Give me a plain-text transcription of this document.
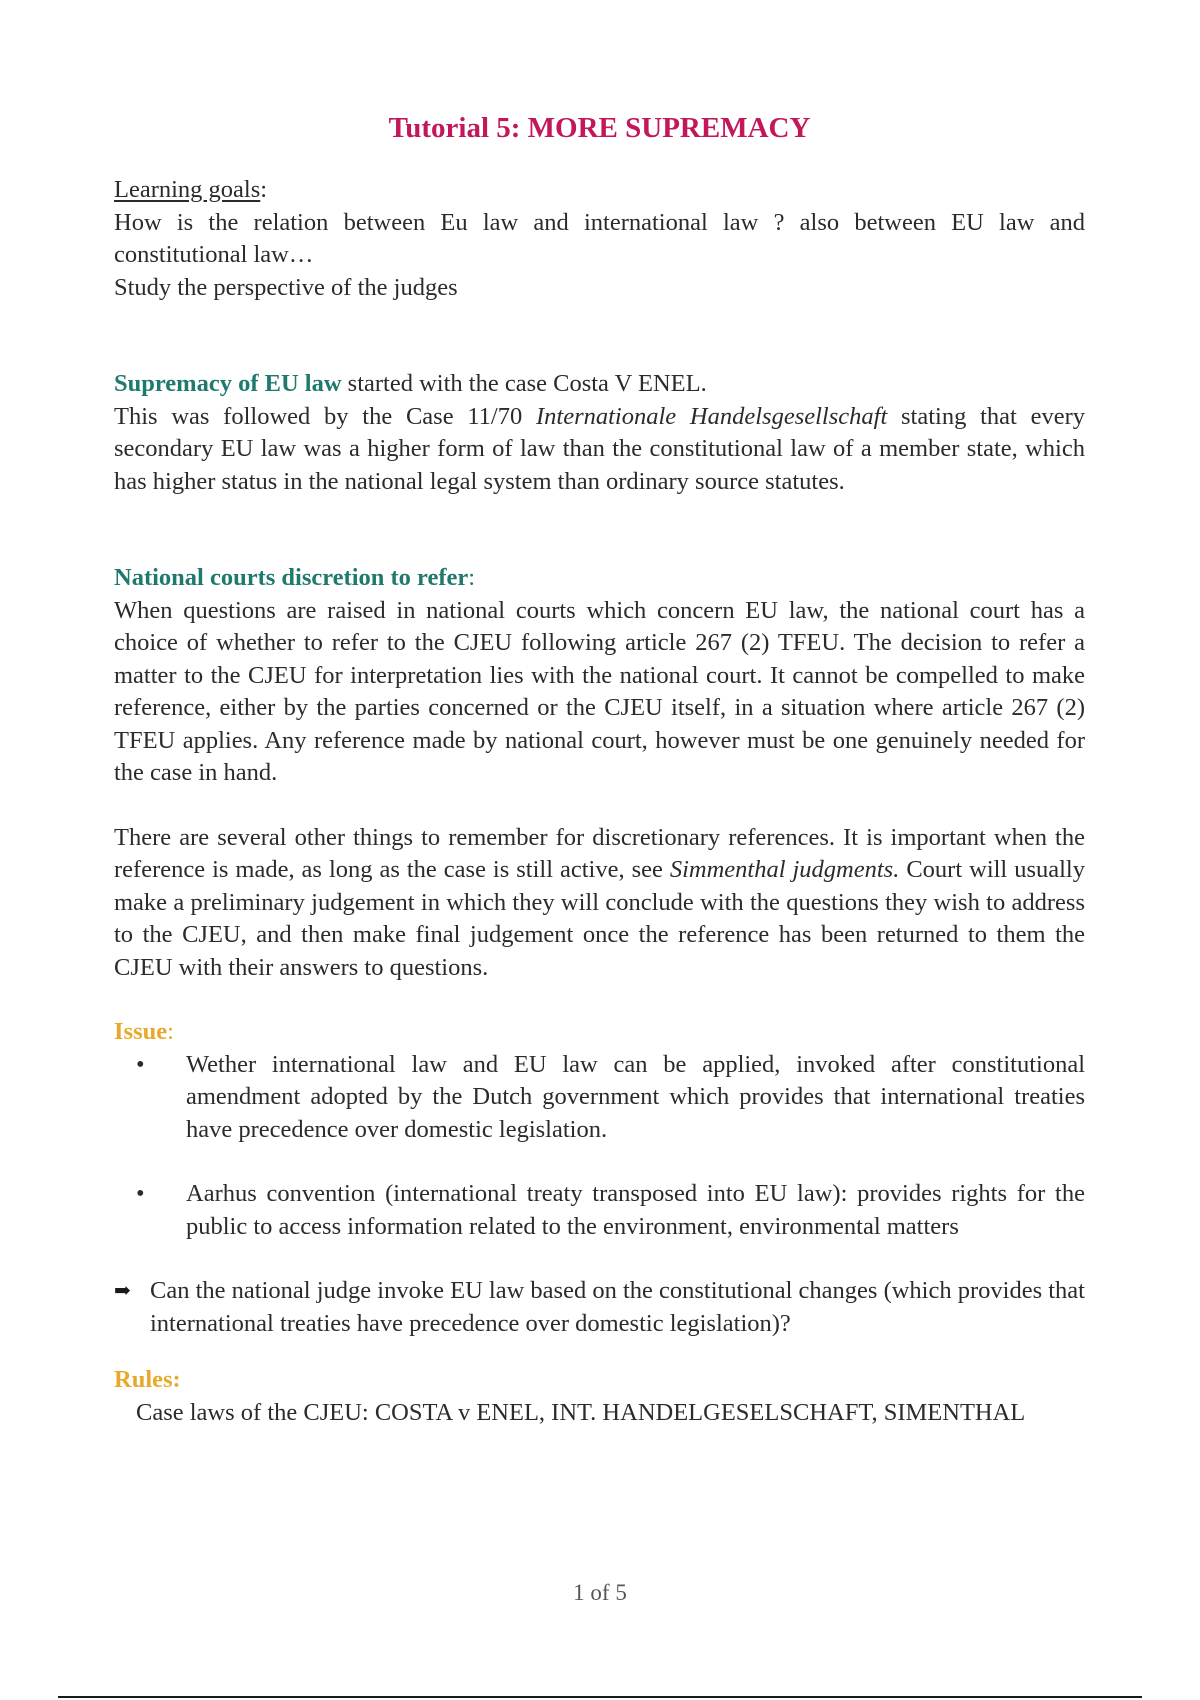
Tutorial 5: MORE SUPREMACY

Learning goals:

How is the relation between Eu law and international law ? also between EU law and constitutional law…

Study the perspective of the judges

Supremacy of EU law started with the case Costa V ENEL.

This was followed by the Case 11/70 Internationale Handelsgesellschaft stating that every secondary EU law was a higher form of law than the constitutional law of a member state, which has higher status in the national legal system than ordinary source statutes.

National courts discretion to refer:

When questions are raised in national courts which concern EU law, the national court has a choice of whether to refer to the CJEU following article 267 (2) TFEU. The decision to refer a matter to the CJEU for interpretation lies with the national court. It cannot be compelled to make reference, either by the parties concerned or the CJEU itself, in a situation where article 267 (2) TFEU applies. Any reference made by national court, however must be one genuinely needed for the case in hand.

There are several other things to remember for discretionary references. It is important when the reference is made, as long as the case is still active, see Simmenthal judgments. Court will usually make a preliminary judgement in which they will conclude with the questions they wish to address to the CJEU, and then make final judgement once the reference has been returned to them the CJEU with their answers to questions.

Issue:

• Wether international law and EU law can be applied, invoked after constitutional amendment adopted by the Dutch government which provides that international treaties have precedence over domestic legislation.
• Aarhus convention (international treaty transposed into EU law): provides rights for the public to access information related to the environment, environmental matters
➡ Can the national judge invoke EU law based on the constitutional changes (which provides that international treaties have precedence over domestic legislation)?

Rules:

Case laws of the CJEU: COSTA v ENEL, INT. HANDELGESELSCHAFT, SIMENTHAL

1 of 5
